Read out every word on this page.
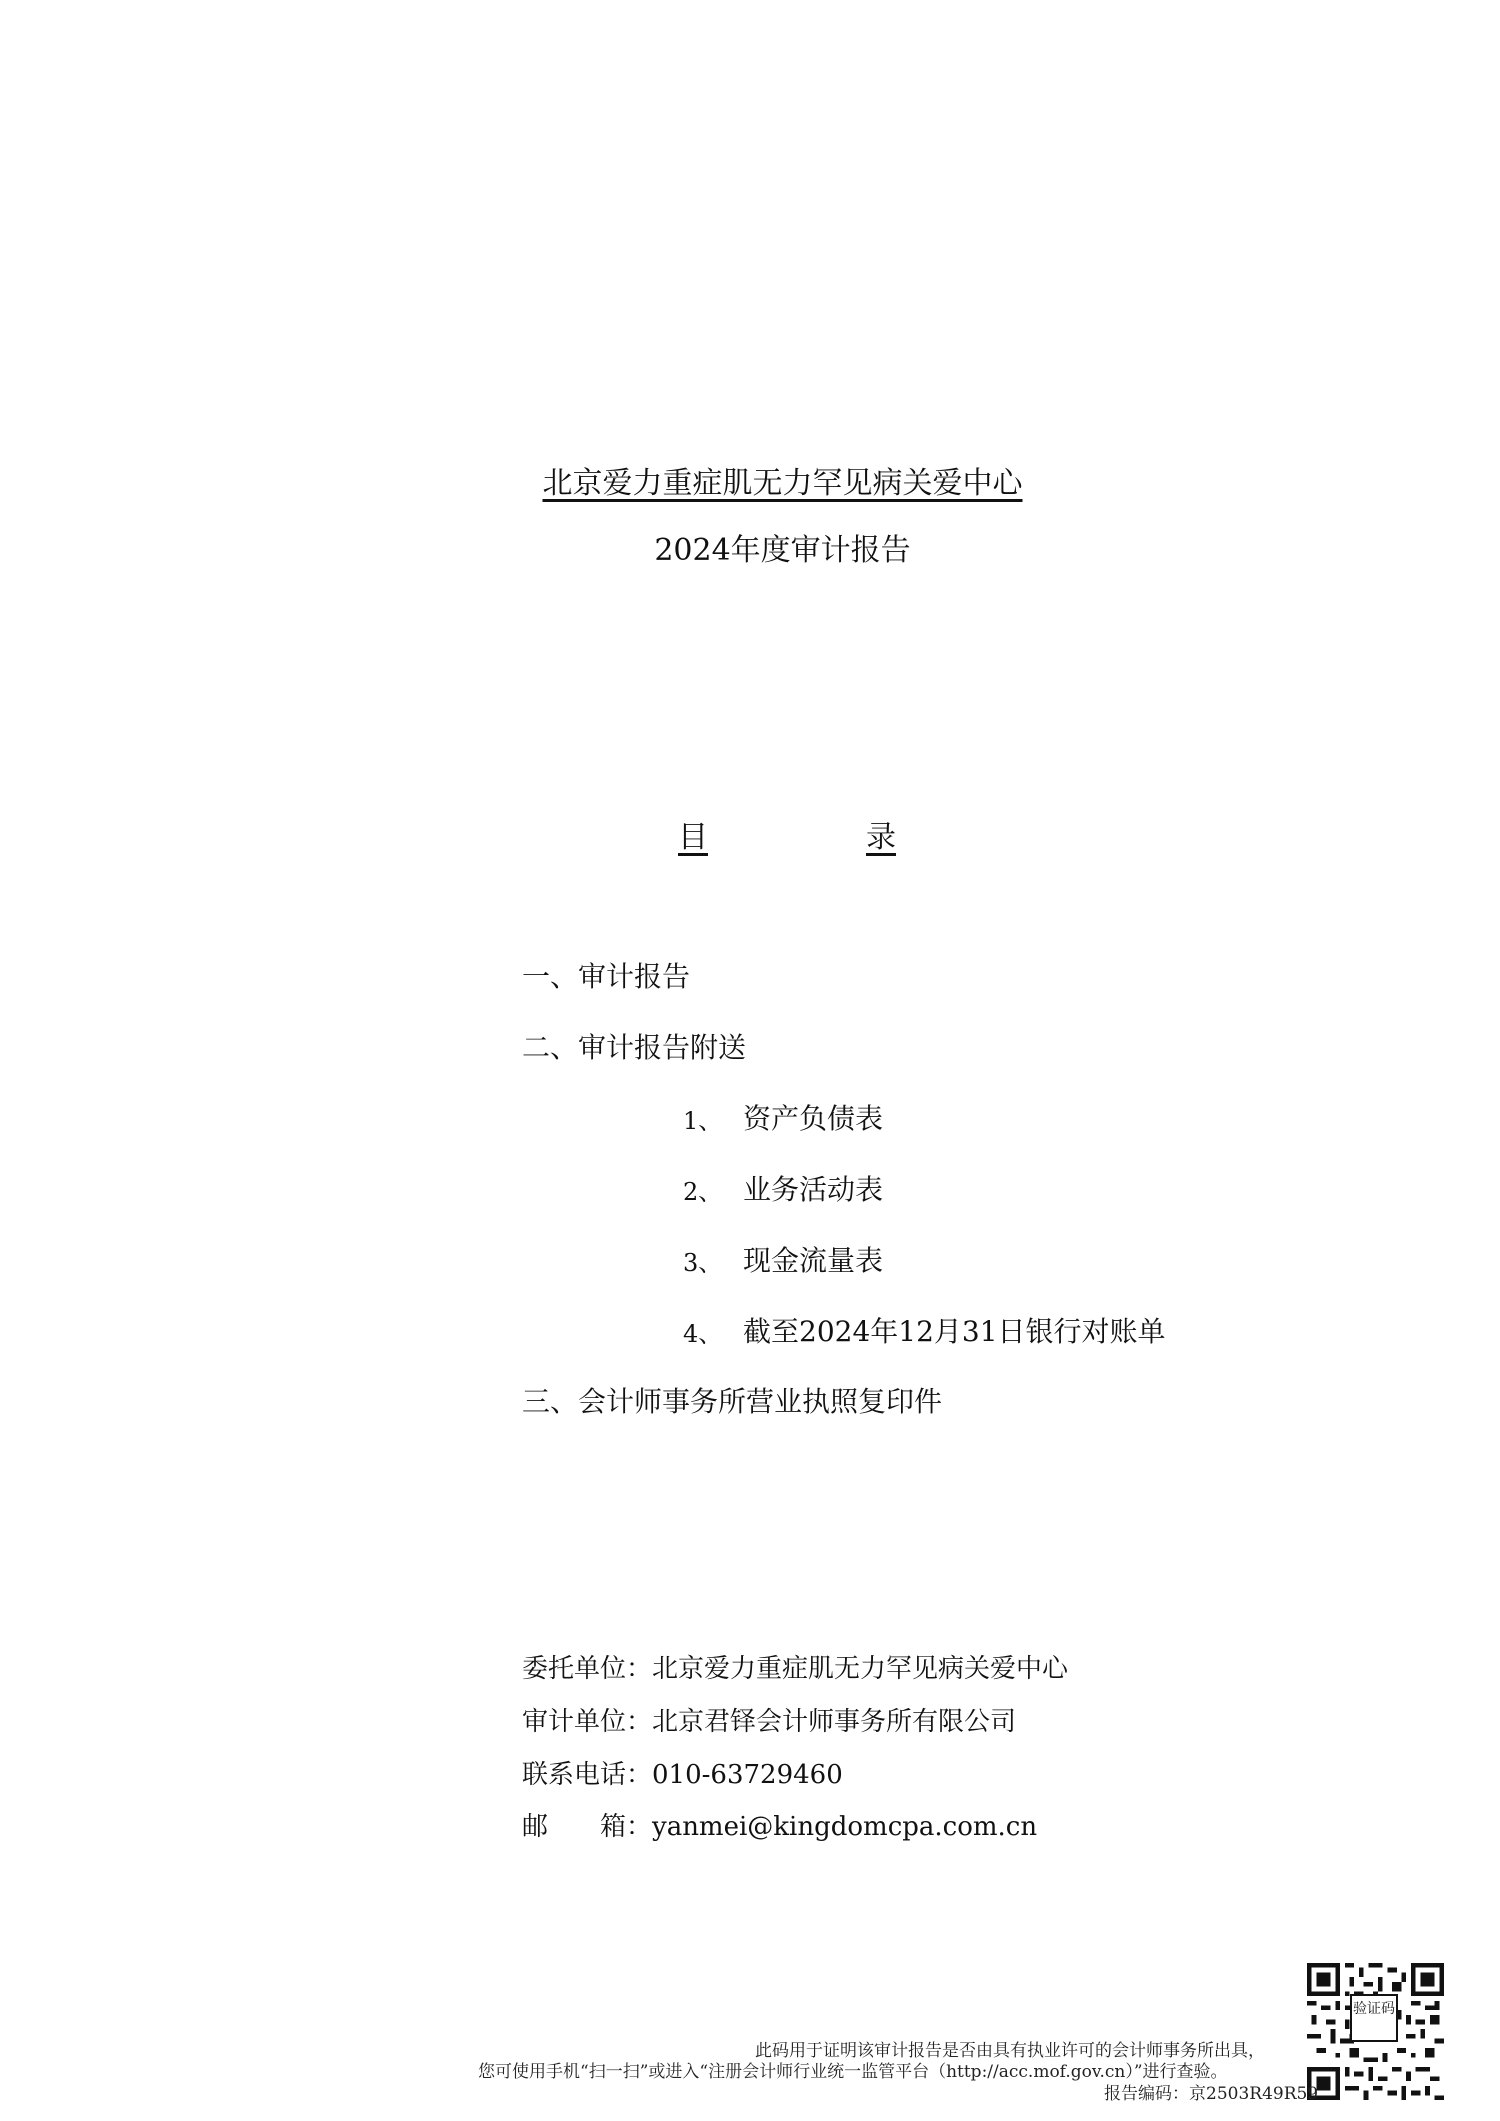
北京爱力重症肌无力罕见病关爱中心
2024年度审计报告
目	录
一、审计报告
二、审计报告附送
1、 资产负债表
2、 业务活动表
3、 现金流量表
4、 截至2024年12月31日银行对账单
三、会计师事务所营业执照复印件
委托单位：北京爱力重症肌无力罕见病关爱中心
审计单位：北京君铎会计师事务所有限公司
联系电话：010-63729460
邮　　箱：yanmei@kingdomcpa.com.cn
验证码
此码用于证明该审计报告是否由具有执业许可的会计师事务所出具，
您可使用手机“扫一扫”或进入“注册会计师行业统一监管平台（http://acc.mof.gov.cn）”进行查验。
报告编码：京2503R49R59
